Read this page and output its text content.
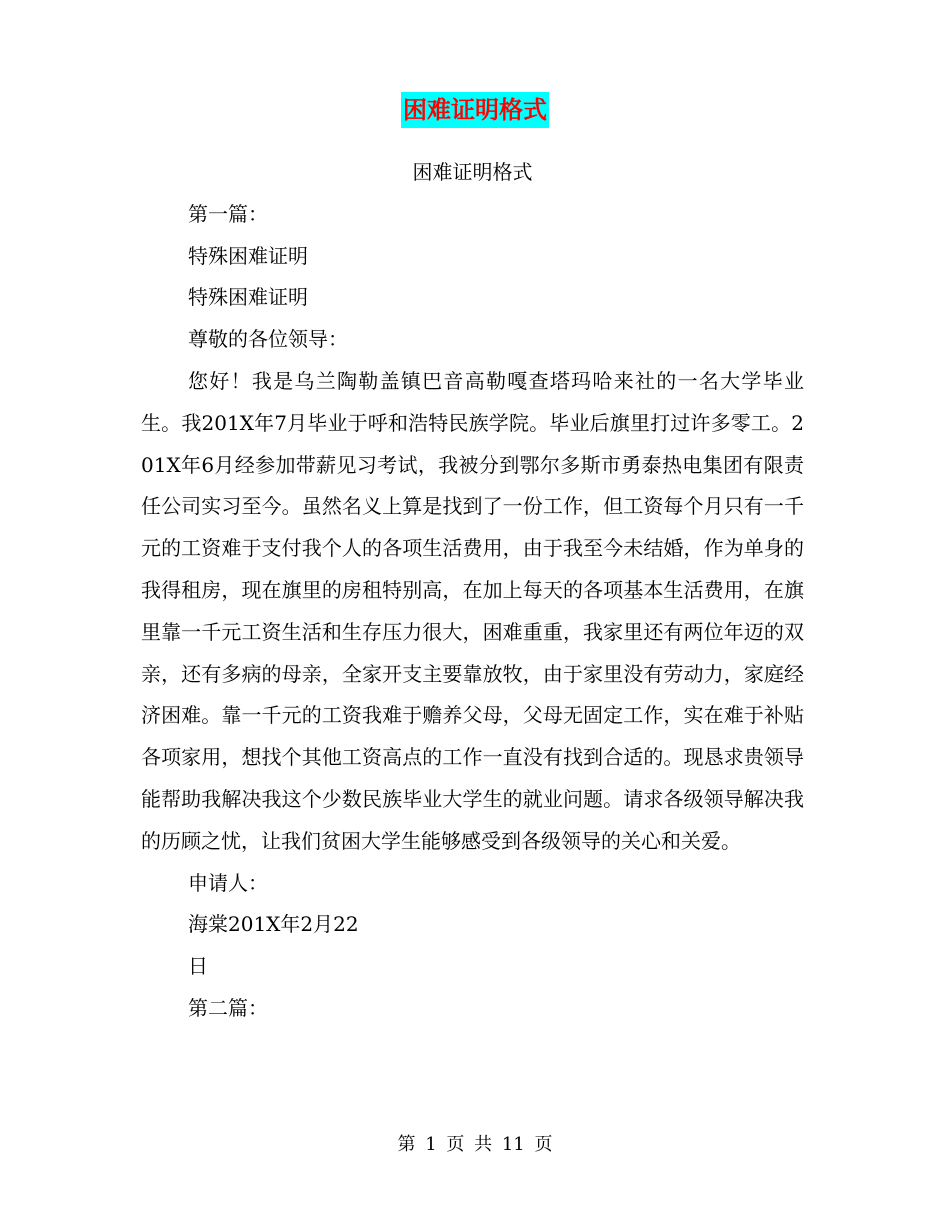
困难证明格式
困难证明格式
第一篇：
特殊困难证明
特殊困难证明
尊敬的各位领导：

您好！我是乌兰陶勒盖镇巴音高勒嘎查塔玛哈来社的一名大学毕业生。我201X年7月毕业于呼和浩特民族学院。毕业后旗里打过许多零工。201X年6月经参加带薪见习考试，我被分到鄂尔多斯市勇泰热电集团有限责任公司实习至今。虽然名义上算是找到了一份工作，但工资每个月只有一千元的工资难于支付我个人的各项生活费用，由于我至今未结婚，作为单身的我得租房，现在旗里的房租特别高，在加上每天的各项基本生活费用，在旗里靠一千元工资生活和生存压力很大，困难重重，我家里还有两位年迈的双亲，还有多病的母亲，全家开支主要靠放牧，由于家里没有劳动力，家庭经济困难。靠一千元的工资我难于赡养父母，父母无固定工作，实在难于补贴各项家用，想找个其他工资高点的工作一直没有找到合适的。现恳求贵领导能帮助我解决我这个少数民族毕业大学生的就业问题。请求各级领导解决我的历顾之忧，让我们贫困大学生能够感受到各级领导的关心和关爱。

申请人：
海棠201X年2月22
日
第二篇：
第 1 页 共 11 页
